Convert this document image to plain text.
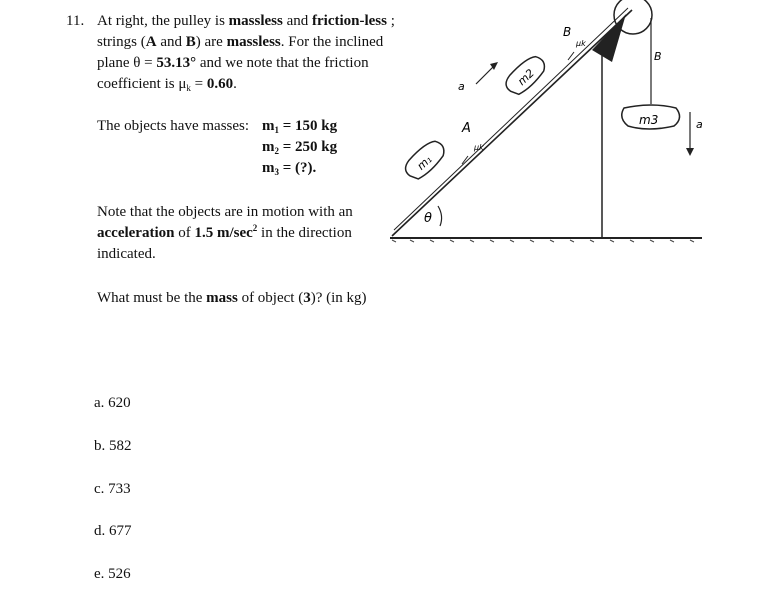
11. At right, the pulley is massless and friction-less ; strings (A and B) are massless. For the inclined plane θ = 53.13° and we note that the friction coefficient is $\mu_k = 0.60$.
The objects have masses: $m_1 = 150$ kg
$m_2 = 250$ kg
$m_3$ = (?).
Note that the objects are in motion with an acceleration of 1.5 $m/\sec^2$ in the direction indicated.
What must be the mass of object (3)? (in kg)
a. 620
b. 582
c. 733
d. 677
e. 526
m3	a
B
m₁
m2
θ
A
B
a
μk
μk
